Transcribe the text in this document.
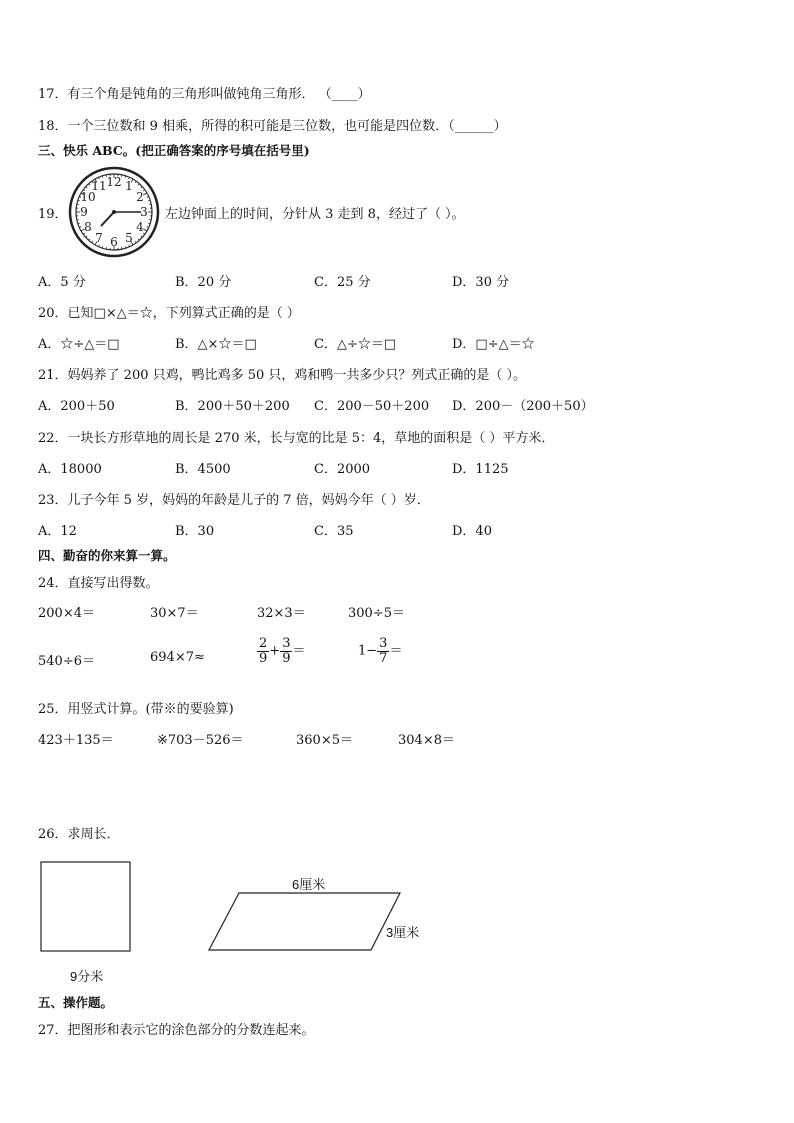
17．有三个角是钝角的三角形叫做钝角三角形． （____）
18．一个三位数和 9 相乘，所得的积可能是三位数，也可能是四位数．（______）
三、快乐 ABC。(把正确答案的序号填在括号里)
19．
12 1
2
3
4
5
6
7
8
9
10
11
左边钟面上的时间，分针从 3 走到 8，经过了（ ）。
A．5 分	B．20 分	C．25 分	D．30 分
20．已知□×△＝☆，下列算式正确的是（ ）
A．☆÷△＝□	B．△×☆＝□	C．△÷☆＝□	D．□÷△＝☆
21．妈妈养了 200 只鸡，鸭比鸡多 50 只，鸡和鸭一共多少只？列式正确的是（ ）。
A．200＋50	B．200＋50＋200 C．200－50＋200 D．200－（200＋50）
22．一块长方形草地的周长是 270 米，长与宽的比是 5：4，草地的面积是（ ）平方米．
A．18000	B．4500	C．2000	D．1125
23．儿子今年 5 岁，妈妈的年龄是儿子的 7 倍，妈妈今年（ ）岁．
A．12	B．30	C．35	D．40
四、勤奋的你来算一算。
24．直接写出得数。
200×4＝	30×7＝	32×3＝	300÷5＝
540÷6＝	694×7≈	$\frac{2}{9} + \frac{3}{9}$ ＝	$1- \frac{3}{7}$ ＝
25．用竖式计算。(带※的要验算)
423＋135＝	※703－526＝	360×5＝	304×8＝
26．求周长．
9分米
6厘米
3厘米
五、操作题。
27．把图形和表示它的涂色部分的分数连起来。
